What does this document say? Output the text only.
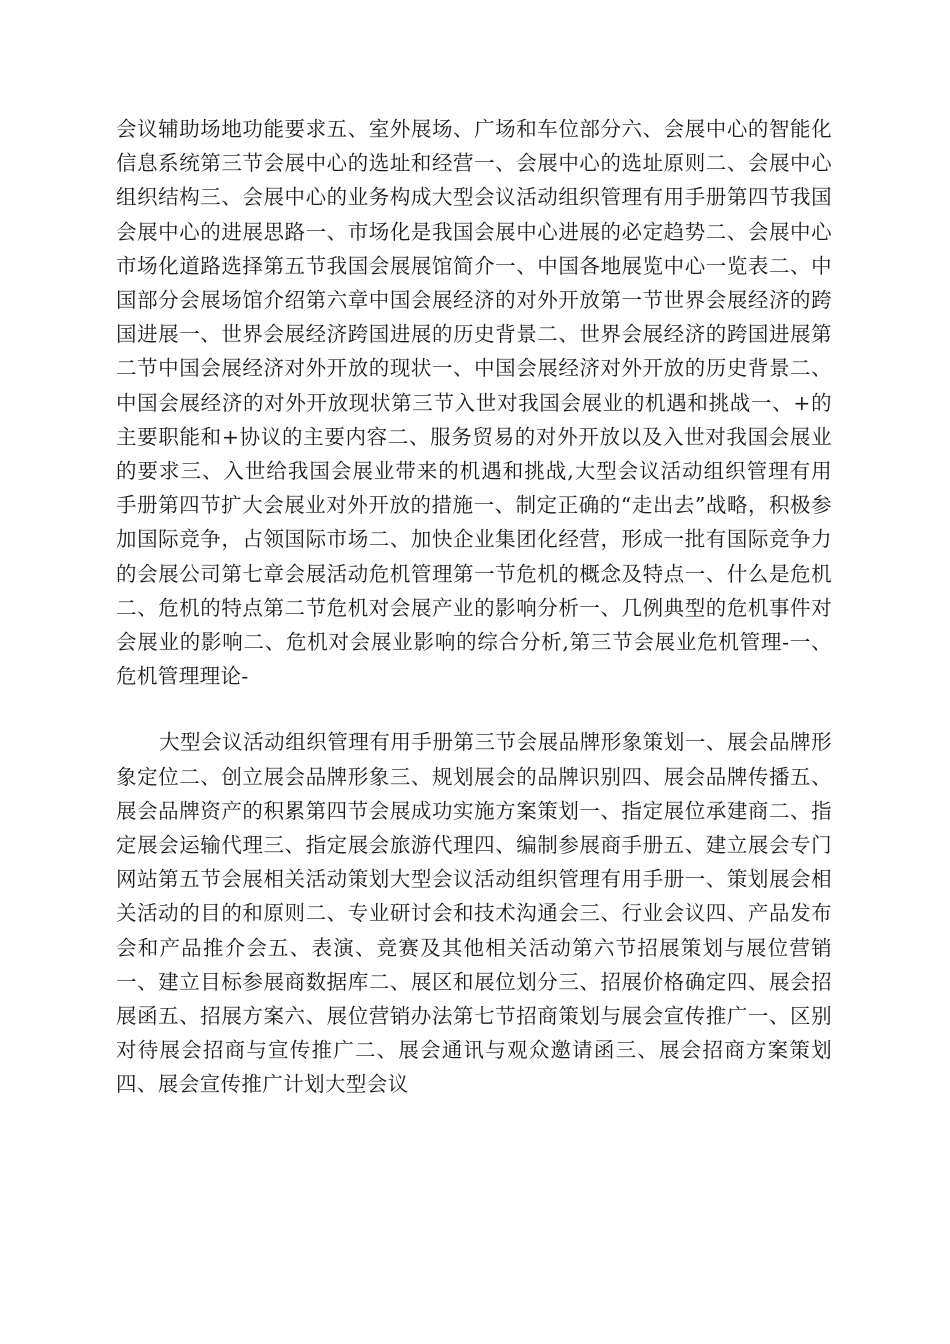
会议辅助场地功能要求五、室外展场、广场和车位部分六、会展中心的智能化信息系统第三节会展中心的选址和经营一、会展中心的选址原则二、会展中心组织结构三、会展中心的业务构成大型会议活动组织管理有用手册第四节我国会展中心的进展思路一、市场化是我国会展中心进展的必定趋势二、会展中心市场化道路选择第五节我国会展展馆简介一、中国各地展览中心一览表二、中国部分会展场馆介绍第六章中国会展经济的对外开放第一节世界会展经济的跨国进展一、世界会展经济跨国进展的历史背景二、世界会展经济的跨国进展第二节中国会展经济对外开放的现状一、中国会展经济对外开放的历史背景二、中国会展经济的对外开放现状第三节入世对我国会展业的机遇和挑战一、+的主要职能和+协议的主要内容二、服务贸易的对外开放以及入世对我国会展业的要求三、入世给我国会展业带来的机遇和挑战,大型会议活动组织管理有用手册第四节扩大会展业对外开放的措施一、制定正确的“走出去”战略，积极参加国际竞争，占领国际市场二、加快企业集团化经营，形成一批有国际竞争力的会展公司第七章会展活动危机管理第一节危机的概念及特点一、什么是危机二、危机的特点第二节危机对会展产业的影响分析一、几例典型的危机事件对会展业的影响二、危机对会展业影响的综合分析,第三节会展业危机管理-一、危机管理理论-

大型会议活动组织管理有用手册第三节会展品牌形象策划一、展会品牌形象定位二、创立展会品牌形象三、规划展会的品牌识别四、展会品牌传播五、展会品牌资产的积累第四节会展成功实施方案策划一、指定展位承建商二、指定展会运输代理三、指定展会旅游代理四、编制参展商手册五、建立展会专门网站第五节会展相关活动策划大型会议活动组织管理有用手册一、策划展会相关活动的目的和原则二、专业研讨会和技术沟通会三、行业会议四、产品发布会和产品推介会五、表演、竞赛及其他相关活动第六节招展策划与展位营销一、建立目标参展商数据库二、展区和展位划分三、招展价格确定四、展会招展函五、招展方案六、展位营销办法第七节招商策划与展会宣传推广一、区别对待展会招商与宣传推广二、展会通讯与观众邀请函三、展会招商方案策划四、展会宣传推广计划大型会议
